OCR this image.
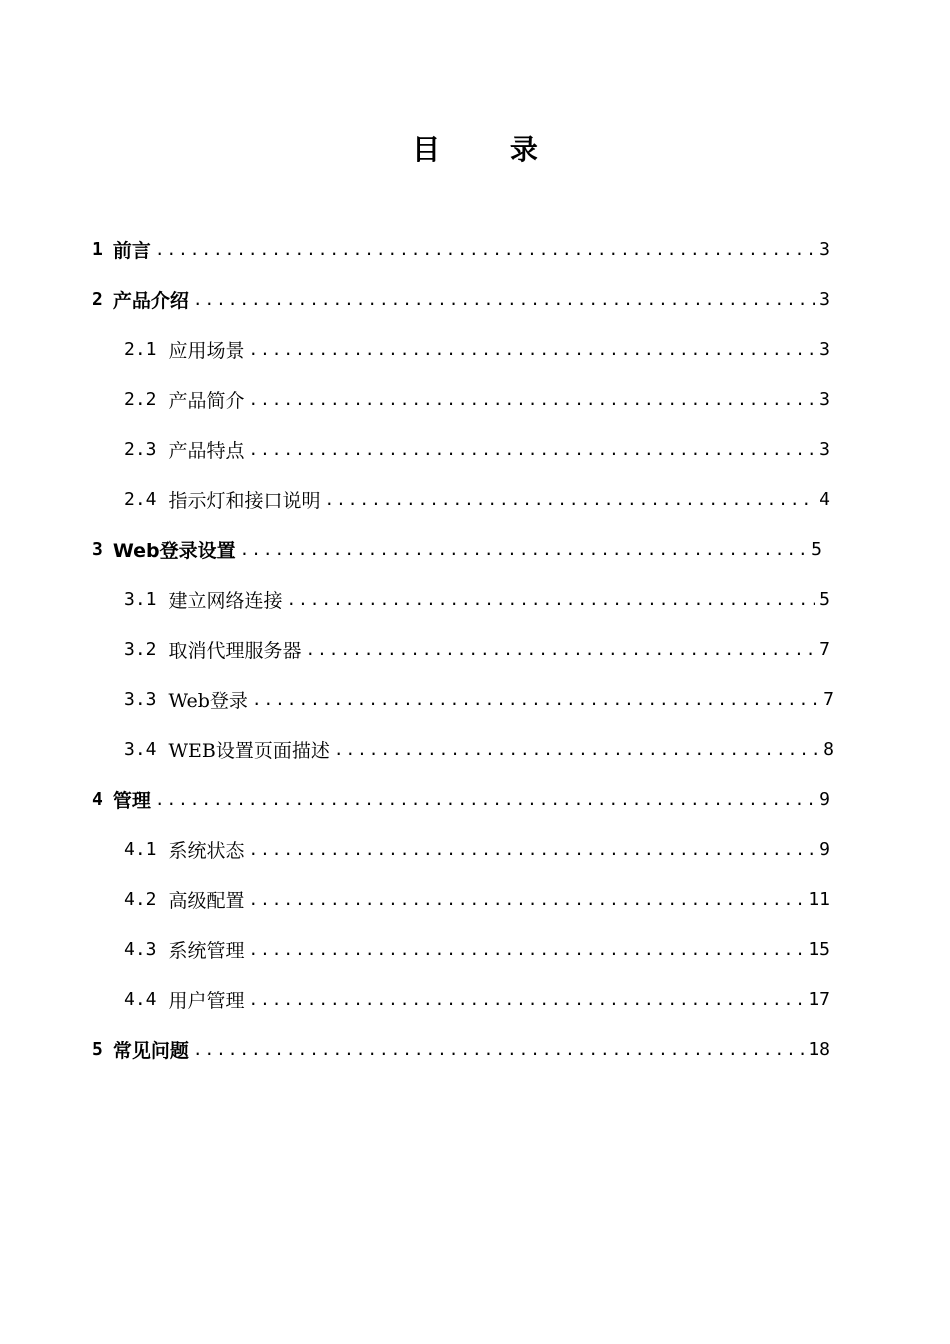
目 录
1 前言 .....	3
2 产品介绍 .....	3
2.1 应用场景 .....	3
2.2 产品简介 .....	3
2.3 产品特点 .....	3
2.4 指示灯和接口说明 .....	4
3 Web登录设置 .....	5
3.1 建立网络连接 .....	5
3.2 取消代理服务器 .....	7
3.3 Web登录 .....	7
3.4 WEB设置页面描述 .....	8
4 管理 .....	9
4.1 系统状态 .....	9
4.2 高级配置 .....	11
4.3 系统管理 .....	15
4.4 用户管理 .....	17
5 常见问题 .....	18
